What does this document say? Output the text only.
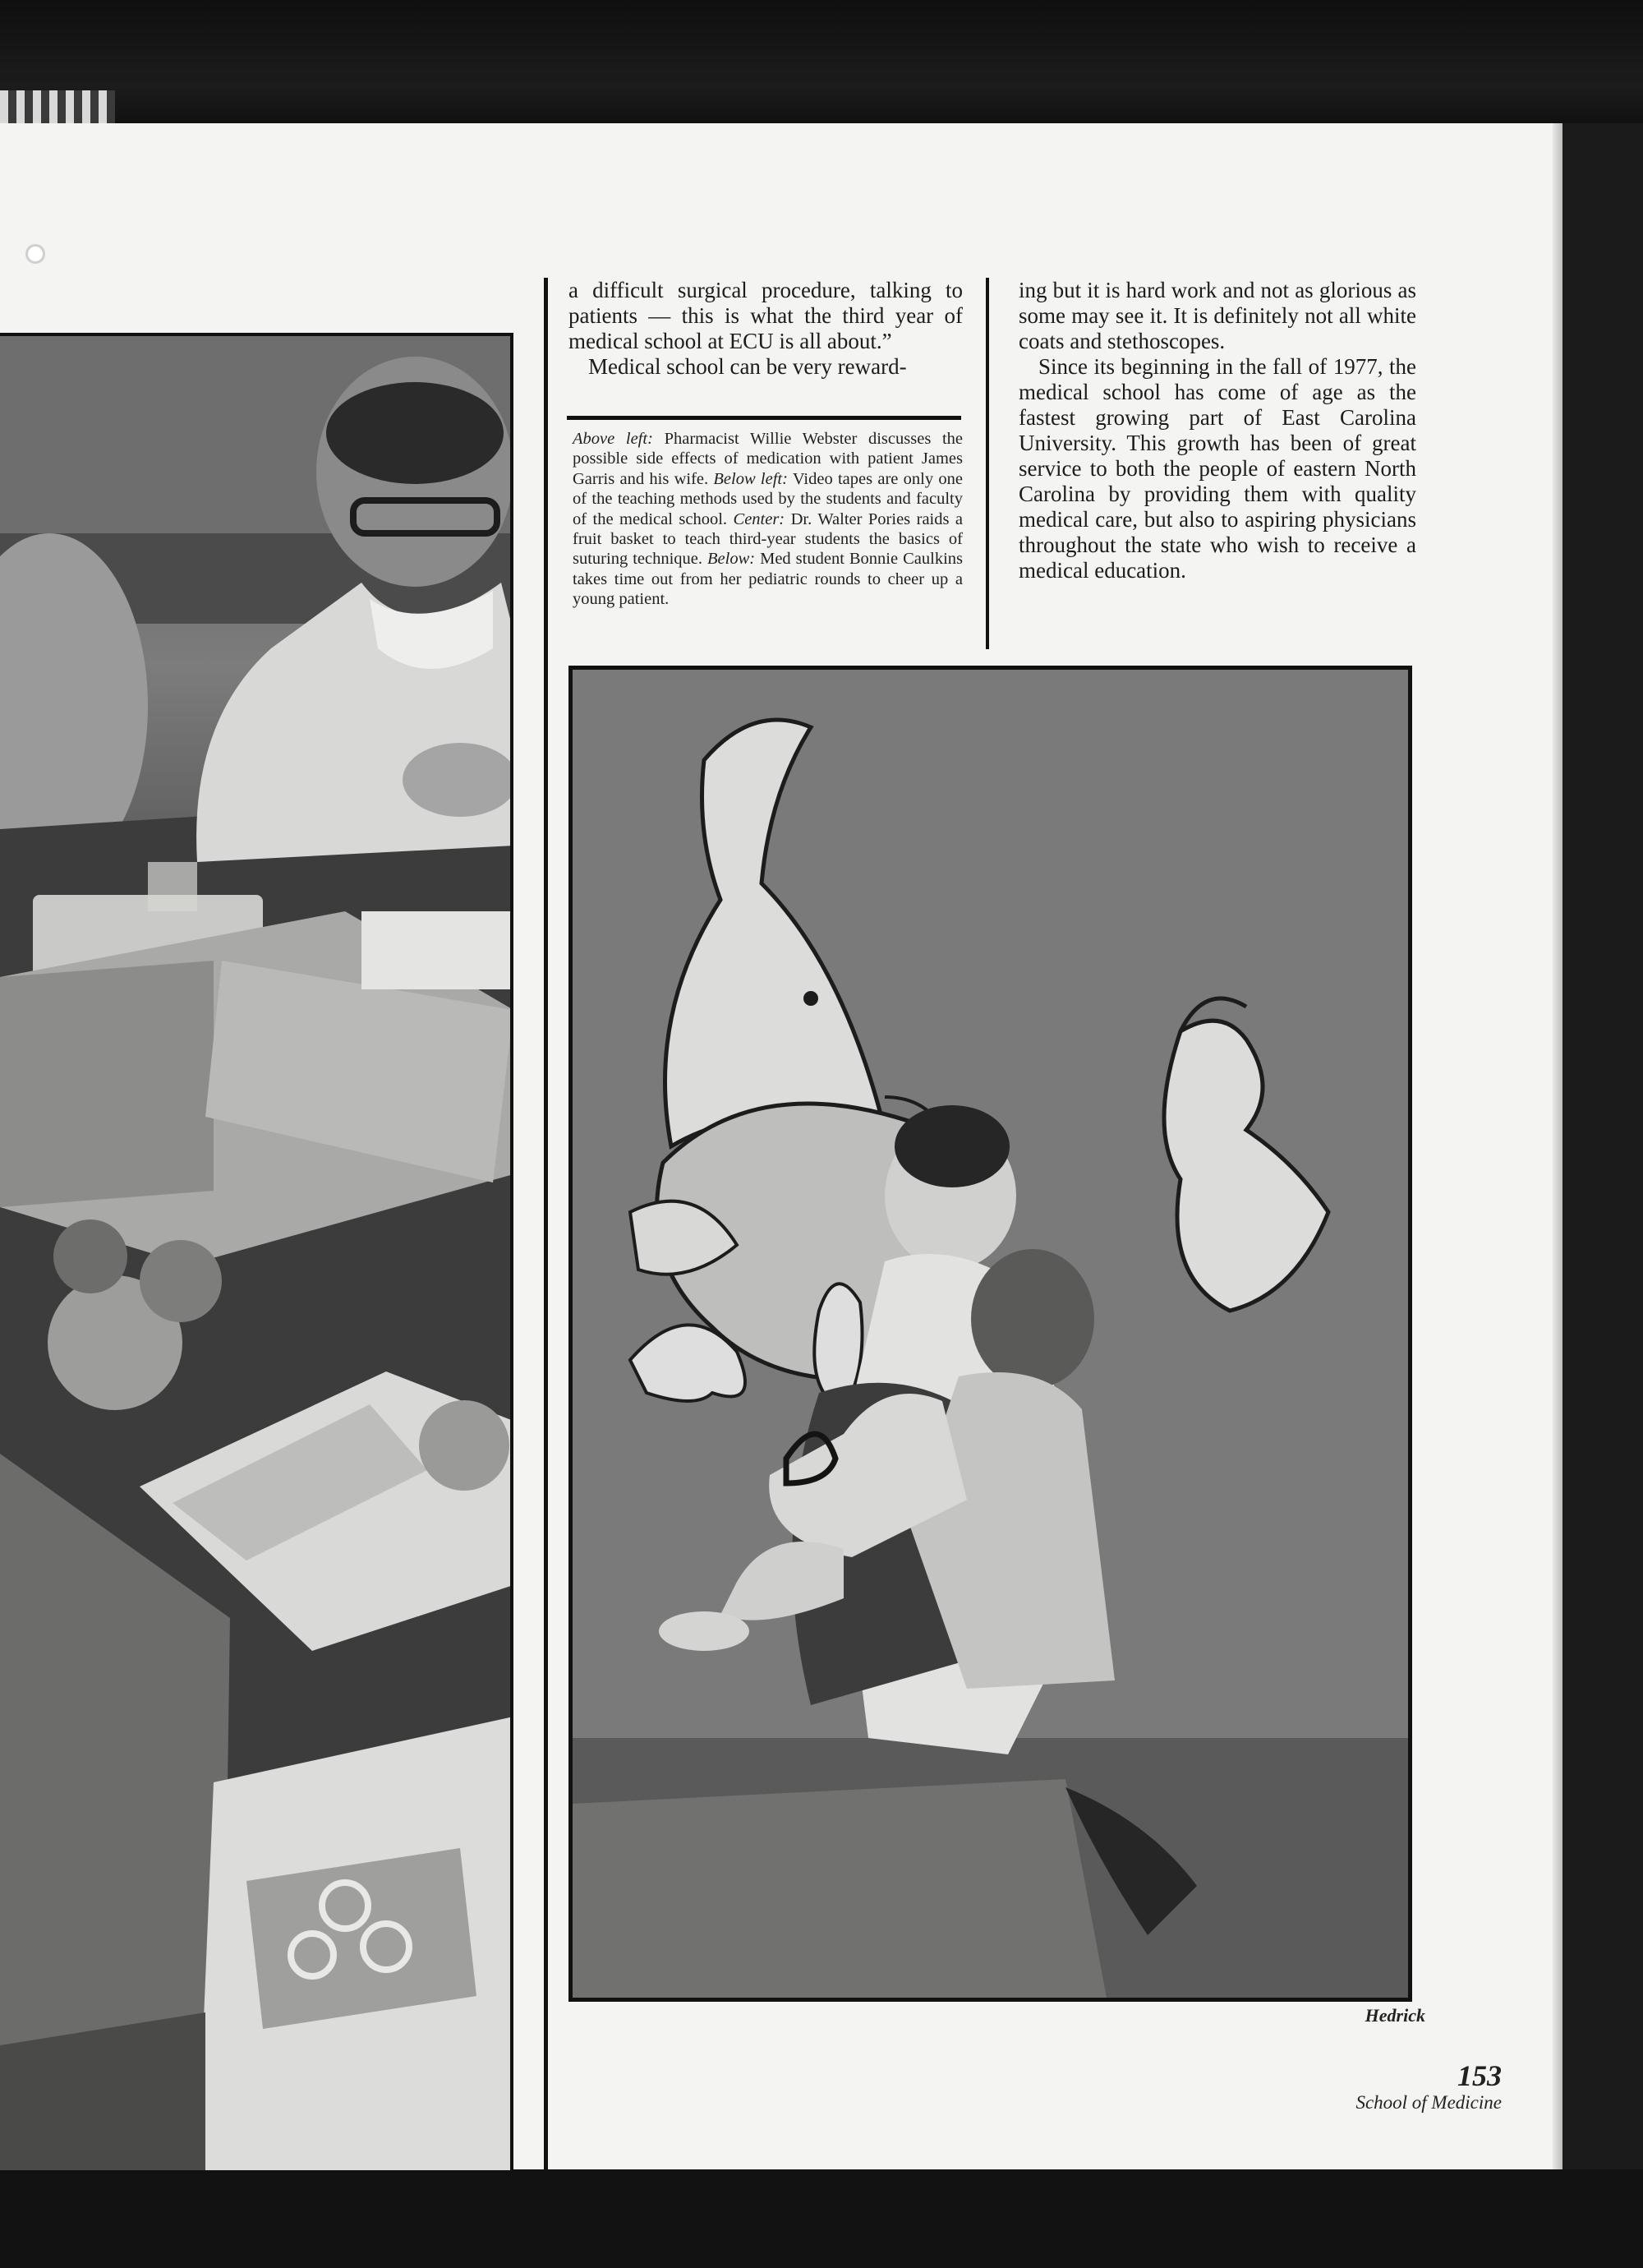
a difficult surgical procedure, talking to patients — this is what the third year of medical school at ECU is all about.”

Medical school can be very reward-

Above left: Pharmacist Willie Webster discusses the possible side effects of medication with patient James Garris and his wife. Below left: Video tapes are only one of the teaching methods used by the students and faculty of the medical school. Center: Dr. Walter Pories raids a fruit basket to teach third-year students the basics of suturing technique. Below: Med student Bonnie Caulkins takes time out from her pediatric rounds to cheer up a young patient.

ing but it is hard work and not as glorious as some may see it. It is definitely not all white coats and stethoscopes.

Since its beginning in the fall of 1977, the medical school has come of age as the fastest growing part of East Carolina University. This growth has been of great service to both the people of eastern North Carolina by providing them with quality medical care, but also to aspiring physicians throughout the state who wish to receive a medical education.

Hedrick
153
School of Medicine
